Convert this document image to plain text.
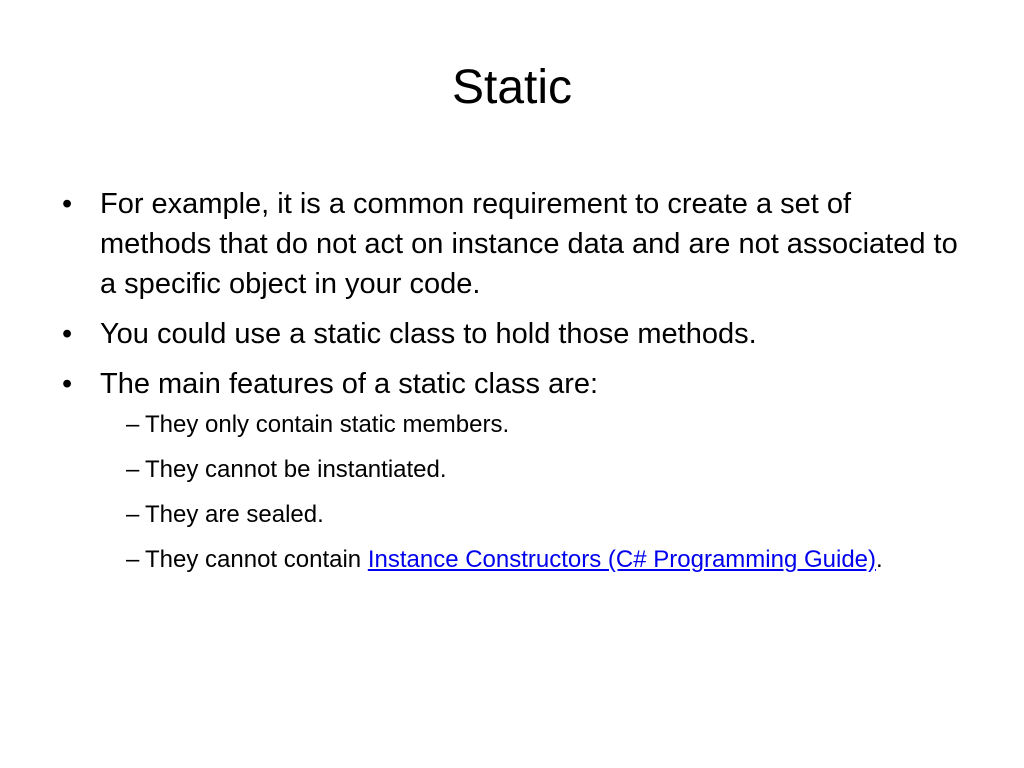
Static
• For example, it is a common requirement to create a set of methods that do not act on instance data and are not associated to a specific object in your code.
• You could use a static class to hold those methods.
• The main features of a static class are:
– They only contain static members.
– They cannot be instantiated.
– They are sealed.
– They cannot contain Instance Constructors (C# Programming Guide).
